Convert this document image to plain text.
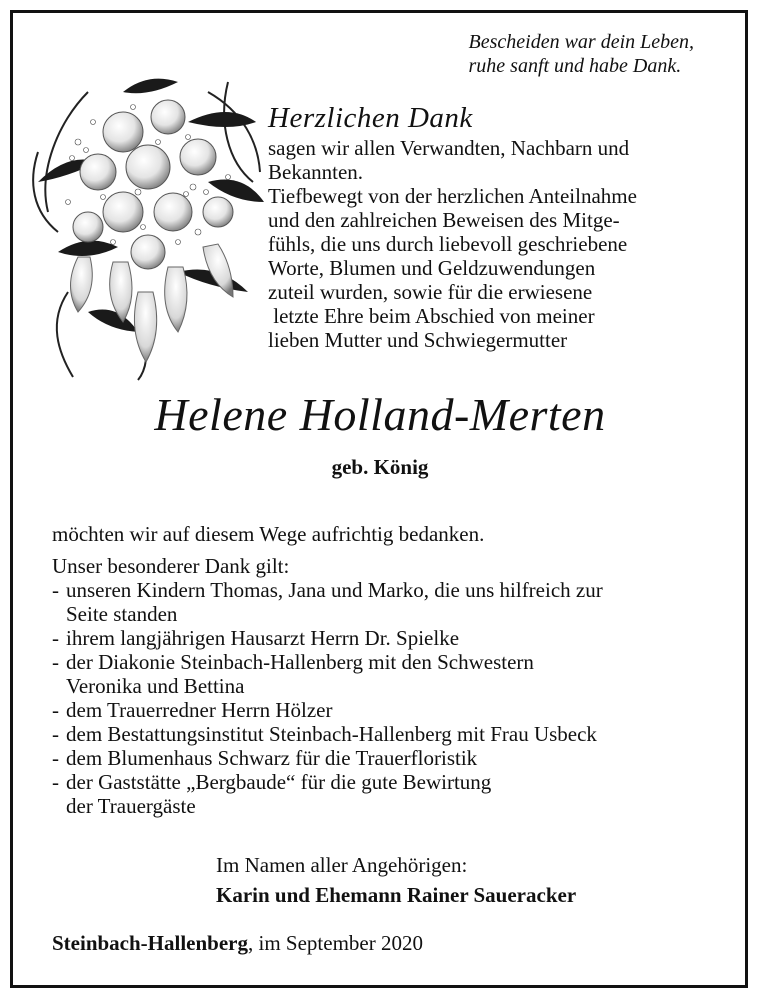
Bescheiden war dein Leben,
ruhe sanft und habe Dank.
Herzlichen Dank
sagen wir allen Verwandten, Nachbarn und
Bekannten.
Tiefbewegt von der herzlichen Anteilnahme
und den zahlreichen Beweisen des Mitge-
fühls, die uns durch liebevoll geschriebene
Worte, Blumen und Geldzuwendungen
zuteil wurden, sowie für die erwiesene
letzte Ehre beim Abschied von meiner
lieben Mutter und Schwiegermutter
Helene Holland-Merten
geb. König
möchten wir auf diesem Wege aufrichtig bedanken.
Unser besonderer Dank gilt:
- unseren Kindern Thomas, Jana und Marko, die uns hilfreich zur
Seite standen
- ihrem langjährigen Hausarzt Herrn Dr. Spielke
- der Diakonie Steinbach-Hallenberg mit den Schwestern
Veronika und Bettina
- dem Trauerredner Herrn Hölzer
- dem Bestattungsinstitut Steinbach-Hallenberg mit Frau Usbeck
- dem Blumenhaus Schwarz für die Trauerfloristik
- der Gaststätte „Bergbaude“ für die gute Bewirtung
der Trauergäste
Im Namen aller Angehörigen:
Karin und Ehemann Rainer Saueracker
Steinbach-Hallenberg, im September 2020
